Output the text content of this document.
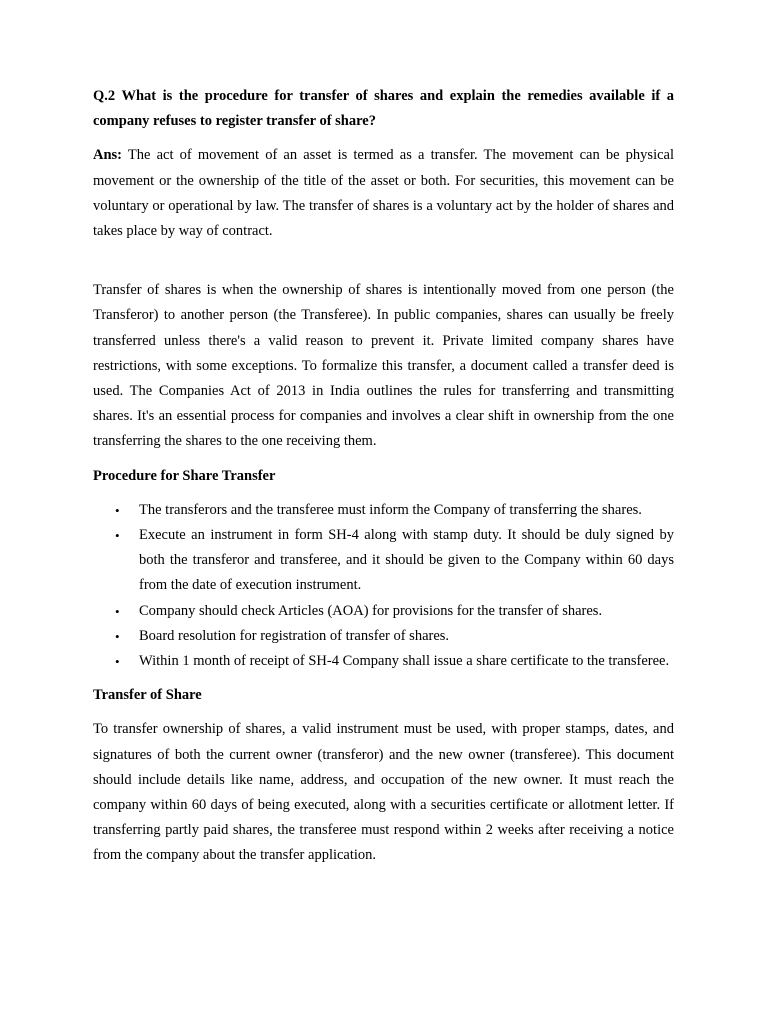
Q.2 What is the procedure for transfer of shares and explain the remedies available if a company refuses to register transfer of share?

Ans: The act of movement of an asset is termed as a transfer. The movement can be physical movement or the ownership of the title of the asset or both. For securities, this movement can be voluntary or operational by law. The transfer of shares is a voluntary act by the holder of shares and takes place by way of contract.

Transfer of shares is when the ownership of shares is intentionally moved from one person (the Transferor) to another person (the Transferee). In public companies, shares can usually be freely transferred unless there's a valid reason to prevent it. Private limited company shares have restrictions, with some exceptions. To formalize this transfer, a document called a transfer deed is used. The Companies Act of 2013 in India outlines the rules for transferring and transmitting shares. It's an essential process for companies and involves a clear shift in ownership from the one transferring the shares to the one receiving them.

Procedure for Share Transfer

• The transferors and the transferee must inform the Company of transferring the shares.
• Execute an instrument in form SH-4 along with stamp duty. It should be duly signed by both the transferor and transferee, and it should be given to the Company within 60 days from the date of execution instrument.
• Company should check Articles (AOA) for provisions for the transfer of shares.
• Board resolution for registration of transfer of shares.
• Within 1 month of receipt of SH-4 Company shall issue a share certificate to the transferee.

Transfer of Share

To transfer ownership of shares, a valid instrument must be used, with proper stamps, dates, and signatures of both the current owner (transferor) and the new owner (transferee). This document should include details like name, address, and occupation of the new owner. It must reach the company within 60 days of being executed, along with a securities certificate or allotment letter. If transferring partly paid shares, the transferee must respond within 2 weeks after receiving a notice from the company about the transfer application.
